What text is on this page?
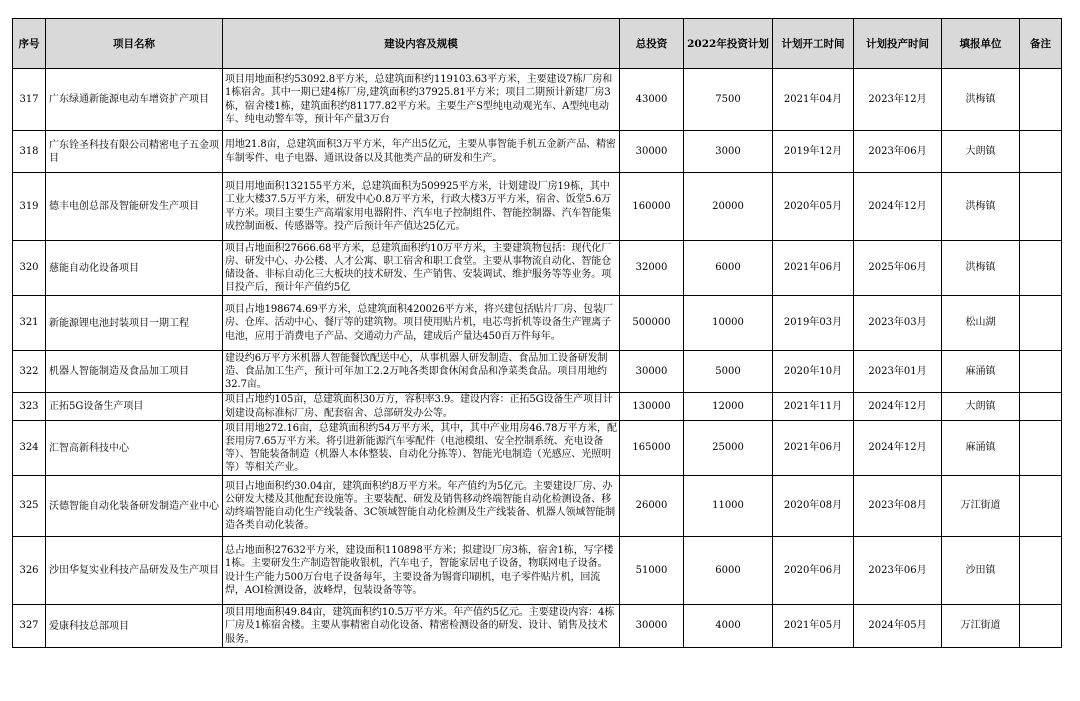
序号	项目名称	建设内容及规模	总投资	2022年投资计划	计划开工时间	计划投产时间	填报单位	备注
317	广东绿通新能源电动车增资扩产项目	项目用地面积约53092.8平方米，总建筑面积约119103.63平方米，主要建设7栋厂房和1栋宿舍。其中一期已建4栋厂房,建筑面积约37925.81平方米；项目二期预计新建厂房3栋，宿舍楼1栋，建筑面积约81177.82平方米。主要生产S型纯电动观光车、A型纯电动车、纯电动警车等，预计年产量3万台	43000	7500	2021年04月	2023年12月	洪梅镇	
318	广东铨圣科技有限公司精密电子五金项目	用地21.8亩，总建筑面积3万平方米，年产出5亿元，主要从事智能手机五金新产品、精密车制零件、电子电器、通讯设备以及其他类产品的研发和生产。	30000	3000	2019年12月	2023年06月	大朗镇	
319	德丰电创总部及智能研发生产项目	项目用地面积132155平方米，总建筑面积为509925平方米，计划建设厂房19栋，其中工业大楼37.5万平方米，研发中心0.8万平方米，行政大楼3万平方米，宿舍、饭堂5.6万平方米。项目主要生产高端家用电器附件、汽车电子控制组件、智能控制器、汽车智能集成控制面板、传感器等。投产后预计年产值达25亿元。	160000	20000	2020年05月	2024年12月	洪梅镇	
320	慈能自动化设备项目	项目占地面积27666.68平方米，总建筑面积约10万平方米，主要建筑物包括：现代化厂房、研发中心、办公楼、人才公寓、职工宿舍和职工食堂。主要从事物流自动化、智能仓储设备、非标自动化三大板块的技术研发、生产销售、安装调试、维护服务等等业务。项目投产后，预计年产值约5亿	32000	6000	2021年06月	2025年06月	洪梅镇	
321	新能源锂电池封装项目一期工程	项目占地198674.69平方米，总建筑面积420026平方米，将兴建包括贴片厂房、包装厂房、仓库、活动中心、餐厅等的建筑物。项目使用贴片机，电芯弯折机等设备生产锂离子电池，应用于消费电子产品、交通动力产品，建成后产量达450百万件每年。	500000	10000	2019年03月	2023年03月	松山湖	
322	机器人智能制造及食品加工项目	建设约6万平方米机器人智能餐饮配送中心，从事机器人研发制造、食品加工设备研发制造、食品加工生产，预计可年加工2.2万吨各类即食休闲食品和净菜类食品。项目用地约32.7亩。	30000	5000	2020年10月	2023年01月	麻涌镇	
323	正拓5G设备生产项目	项目占地约105亩，总建筑面积30万方，容积率3.9。建设内容：正拓5G设备生产项目计划建设高标准标厂房、配套宿舍、总部研发办公等。	130000	12000	2021年11月	2024年12月	大朗镇	
324	汇智高新科技中心	项目用地272.16亩，总建筑面积约54万平方米，其中，其中产业用房46.78万平方米，配套用房7.65万平方米。将引进新能源汽车零配件（电池模组、安全控制系统、充电设备等）、智能装备制造（机器人本体整装、自动化分拣等）、智能光电制造（光感应、光照明等）等相关产业。	165000	25000	2021年06月	2024年12月	麻涌镇	
325	沃德智能自动化装备研发制造产业中心	项目占地面积约30.04亩，建筑面积约8万平方米。年产值约为5亿元。主要建设厂房、办公研发大楼及其他配套设施等。主要装配、研发及销售移动终端智能自动化检测设备、移动终端智能自动化生产线装备、3C领域智能自动化检测及生产线装备、机器人领域智能制造各类自动化装备。	26000	11000	2020年08月	2023年08月	万江街道	
326	沙田华复实业科技产品研发及生产项目	总占地面积27632平方米，建设面积110898平方米；拟建设厂房3栋，宿舍1栋，写字楼1栋。主要研发生产制造智能收银机，汽车电子，智能家居电子设备，物联网电子设备。设计生产能力500万台电子设备每年，主要设备为锡膏印刷机，电子零件贴片机，回流焊，AOI检测设备，波峰焊，包装设备等等。	51000	6000	2020年06月	2023年06月	沙田镇	
327	爱康科技总部项目	项目用地面积49.84亩，建筑面积约10.5万平方米。年产值约5亿元。主要建设内容：4栋厂房及1栋宿舍楼。主要从事精密自动化设备、精密检测设备的研发、设计、销售及技术服务。	30000	4000	2021年05月	2024年05月	万江街道	
